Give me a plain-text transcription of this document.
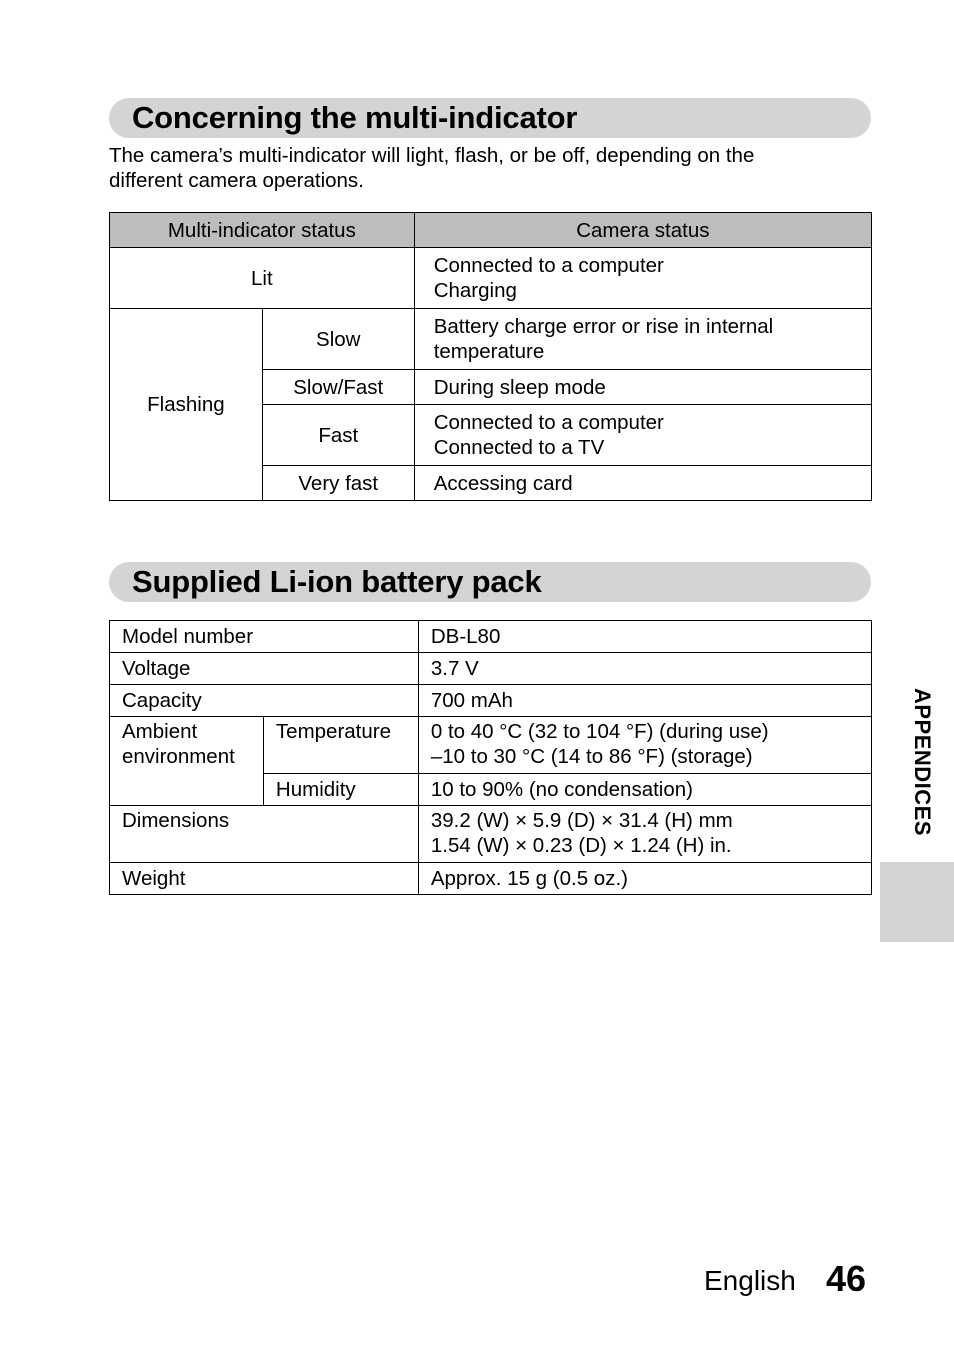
Concerning the multi-indicator

The camera’s multi-indicator will light, flash, or be off, depending on the
different camera operations.

Multi-indicator status		Camera status
Lit		Connected to a computer
Charging

Flashing	Slow	Battery charge error or rise in internal
temperature

	Slow/Fast	During sleep mode

	Fast	Connected to a computer
Connected to a TV

	Very fast	Accessing card
Supplied Li-ion battery pack
Model number		DB-L80
Voltage		3.7 V
Capacity		700 mAh

Ambient
environment	Temperature	0 to 40 °C (32 to 104 °F) (during use)
–10 to 30 °C (14 to 86 °F) (storage)

	Humidity	10 to 90% (no condensation)
Dimensions		39.2 (W) × 5.9 (D) × 31.4 (H) mm
1.54 (W) × 0.23 (D) × 1.24 (H) in.

Weight		Approx. 15 g (0.5 oz.)
APPENDICES
English 46
